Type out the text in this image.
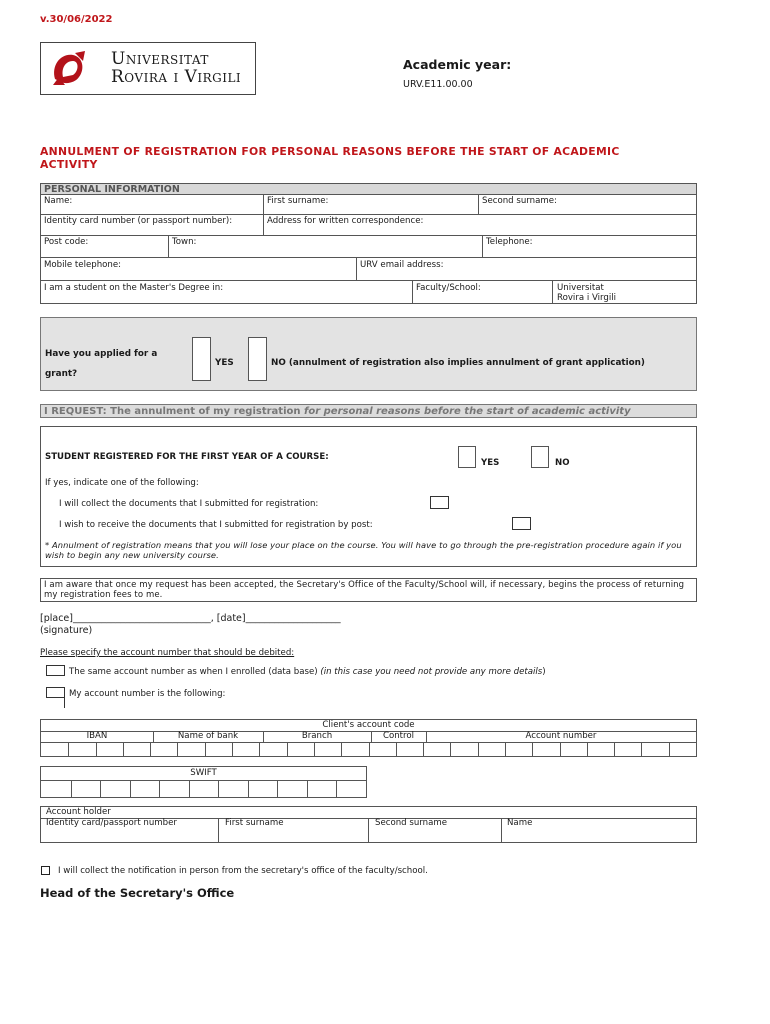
v.30/06/2022
Universitat
Rovira i Virgili
Academic year:
URV.E11.00.00
ANNULMENT OF REGISTRATION FOR PERSONAL REASONS BEFORE THE START OF ACADEMIC
ACTIVITY
PERSONAL INFORMATION
Name:	First surname:	Second surname:
Identity card number (or passport number):	Address for written correspondence:
Post code:	Town:	Telephone:
Mobile telephone:	URV email address:
I am a student on the Master's Degree in:	Faculty/School:	Universitat
Rovira i Virgili
Have you applied for a
grant?
YES	NO (annulment of registration also implies annulment of grant application)
I REQUEST: The annulment of my registration for personal reasons before the start of academic activity
STUDENT REGISTERED FOR THE FIRST YEAR OF A COURSE:
YES	NO
If yes, indicate one of the following:
I will collect the documents that I submitted for registration:
I wish to receive the documents that I submitted for registration by post:
* Annulment of registration means that you will lose your place on the course. You will have to go through the pre-registration procedure again if you wish to begin any new university course.
I am aware that once my request has been accepted, the Secretary's Office of the Faculty/School will, if necessary, begins the process of returning my registration fees to me.
[place]_____________________________, [date]____________________
(signature)
Please specify the account number that should be debited:
The same account number as when I enrolled (data base) (in this case you need not provide any more details)
My account number is the following:
Client's account code
IBAN	Name of bank	Branch	Control	Account number
SWIFT
Account holder
Identity card/passport number	First surname	Second surname	Name
I will collect the notification in person from the secretary's office of the faculty/school.
Head of the Secretary's Office
